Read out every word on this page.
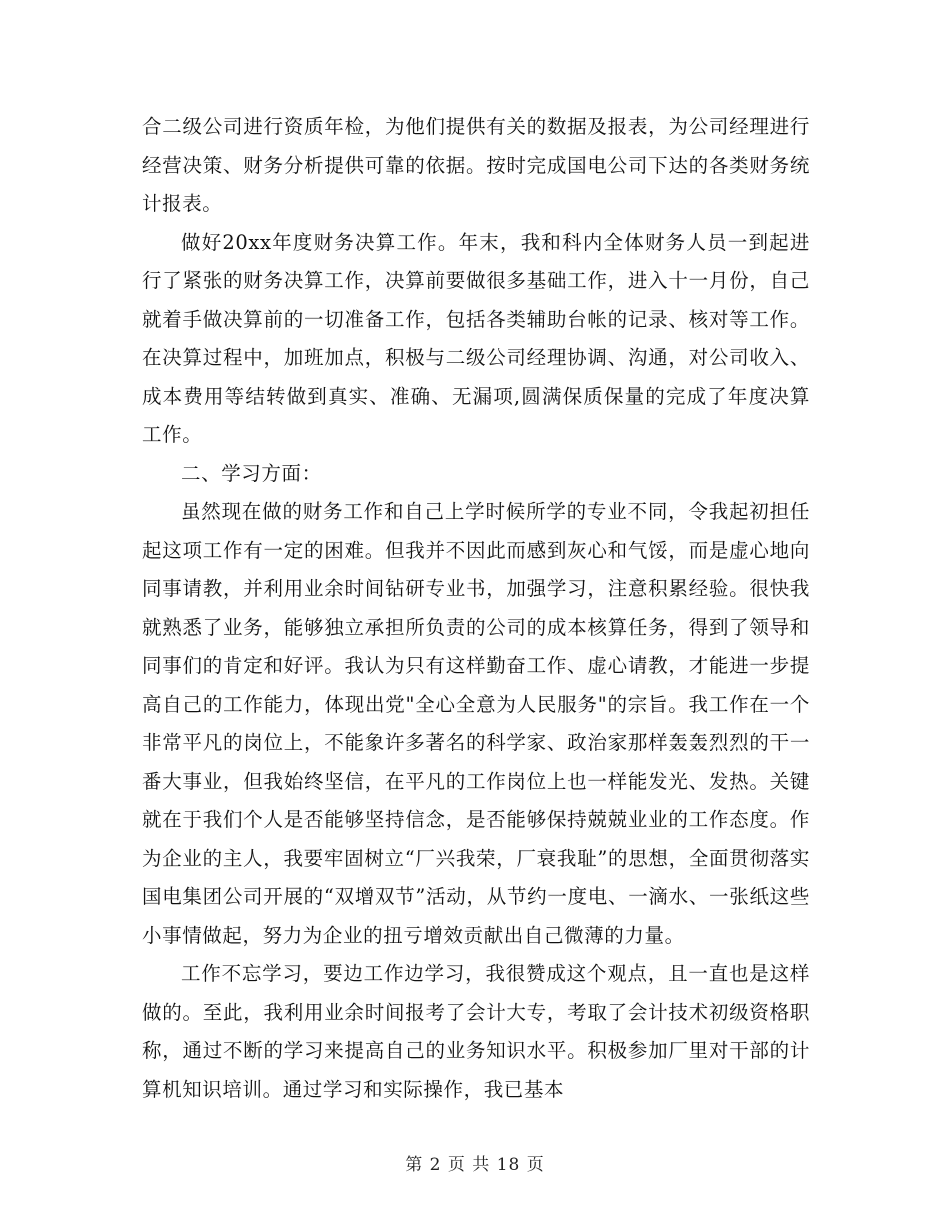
合二级公司进行资质年检，为他们提供有关的数据及报表，为公司经理进行经营决策、财务分析提供可靠的依据。按时完成国电公司下达的各类财务统计报表。

做好20xx年度财务决算工作。年末，我和科内全体财务人员一到起进行了紧张的财务决算工作，决算前要做很多基础工作，进入十一月份，自己就着手做决算前的一切准备工作，包括各类辅助台帐的记录、核对等工作。在决算过程中，加班加点，积极与二级公司经理协调、沟通，对公司收入、成本费用等结转做到真实、准确、无漏项,圆满保质保量的完成了年度决算工作。

二、学习方面：

虽然现在做的财务工作和自己上学时候所学的专业不同，令我起初担任起这项工作有一定的困难。但我并不因此而感到灰心和气馁，而是虚心地向同事请教，并利用业余时间钻研专业书，加强学习，注意积累经验。很快我就熟悉了业务，能够独立承担所负责的公司的成本核算任务，得到了领导和同事们的肯定和好评。我认为只有这样勤奋工作、虚心请教，才能进一步提高自己的工作能力，体现出党"全心全意为人民服务"的宗旨。我工作在一个非常平凡的岗位上，不能象许多著名的科学家、政治家那样轰轰烈烈的干一番大事业，但我始终坚信，在平凡的工作岗位上也一样能发光、发热。关键就在于我们个人是否能够坚持信念，是否能够保持兢兢业业的工作态度。作为企业的主人，我要牢固树立“厂兴我荣，厂衰我耻”的思想，全面贯彻落实国电集团公司开展的“双增双节”活动，从节约一度电、一滴水、一张纸这些小事情做起，努力为企业的扭亏增效贡献出自己微薄的力量。

工作不忘学习，要边工作边学习，我很赞成这个观点，且一直也是这样做的。至此，我利用业余时间报考了会计大专，考取了会计技术初级资格职称，通过不断的学习来提高自己的业务知识水平。积极参加厂里对干部的计算机知识培训。通过学习和实际操作，我已基本

第 2 页 共 18 页
